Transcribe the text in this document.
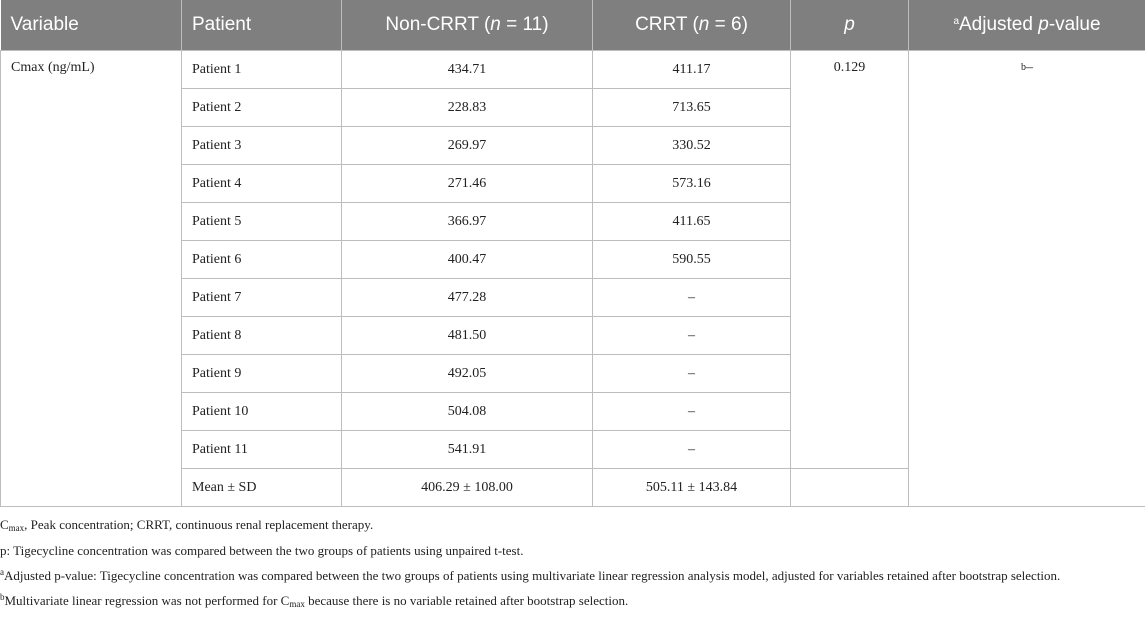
Variable	Patient	Non-CRRT (n = 11)	CRRT (n = 6)	p	$^a$Adjusted p-value
Cmax (ng/mL)	Patient 1	434.71	411.17	0.129	$^b$–
	Patient 2	228.83	713.65		
	Patient 3	269.97	330.52		
	Patient 4	271.46	573.16		
	Patient 5	366.97	411.65		
	Patient 6	400.47	590.55		
	Patient 7	477.28	–		
	Patient 8	481.50	–		
	Patient 9	492.05	–		
	Patient 10	504.08	–		
	Patient 11	541.91	–		
	Mean ± SD	406.29 ± 108.00	505.11 ± 143.84		

Cmax, Peak concentration; CRRT, continuous renal replacement therapy.

p: Tigecycline concentration was compared between the two groups of patients using unpaired t-test.

$^a$Adjusted p-value: Tigecycline concentration was compared between the two groups of patients using multivariate linear regression analysis model, adjusted for variables retained after bootstrap selection.

$^b$Multivariate linear regression was not performed for Cmax because there is no variable retained after bootstrap selection.
